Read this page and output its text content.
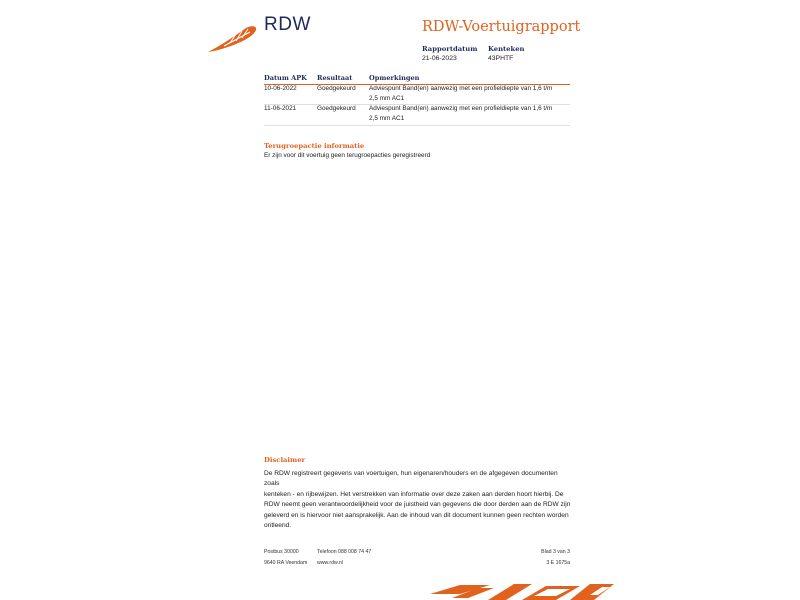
RDW	RDW-Voertuigrapport
Rapportdatum Kenteken
21-06-2023	43PHTF
Datum APK Resultaat	Opmerkingen
10-06-2022	Goedgekeurd Adviespunt Band(en) aanwezig met een profieldiepte van 1,6 t/m
2,5 mm AC1
11-06-2021	Goedgekeurd Adviespunt Band(en) aanwezig met een profieldiepte van 1,6 t/m
2,5 mm AC1
Terugroepactie informatie
Er zijn voor dit voertuig geen terugroepacties geregistreerd
Disclaimer
De RDW registreert gegevens van voertuigen, hun eigenaren/houders en de afgegeven documenten zoals
kenteken - en rijbewijzen. Het verstrekken van informatie over deze zaken aan derden hoort hierbij. De
RDW neemt geen verantwoordelijkheid voor de juistheid van gegevens die door derden aan de RDW zijn
geleverd en is hiervoor niet aansprakelijk. Aan de inhoud van dit document kunnen geen rechten worden
ontleend.
Postbus 30000
9640 RA Veendam
Telefoon 088 008 74 47
www.rdw.nl
Blad 3 van 3
3 E 1675a
